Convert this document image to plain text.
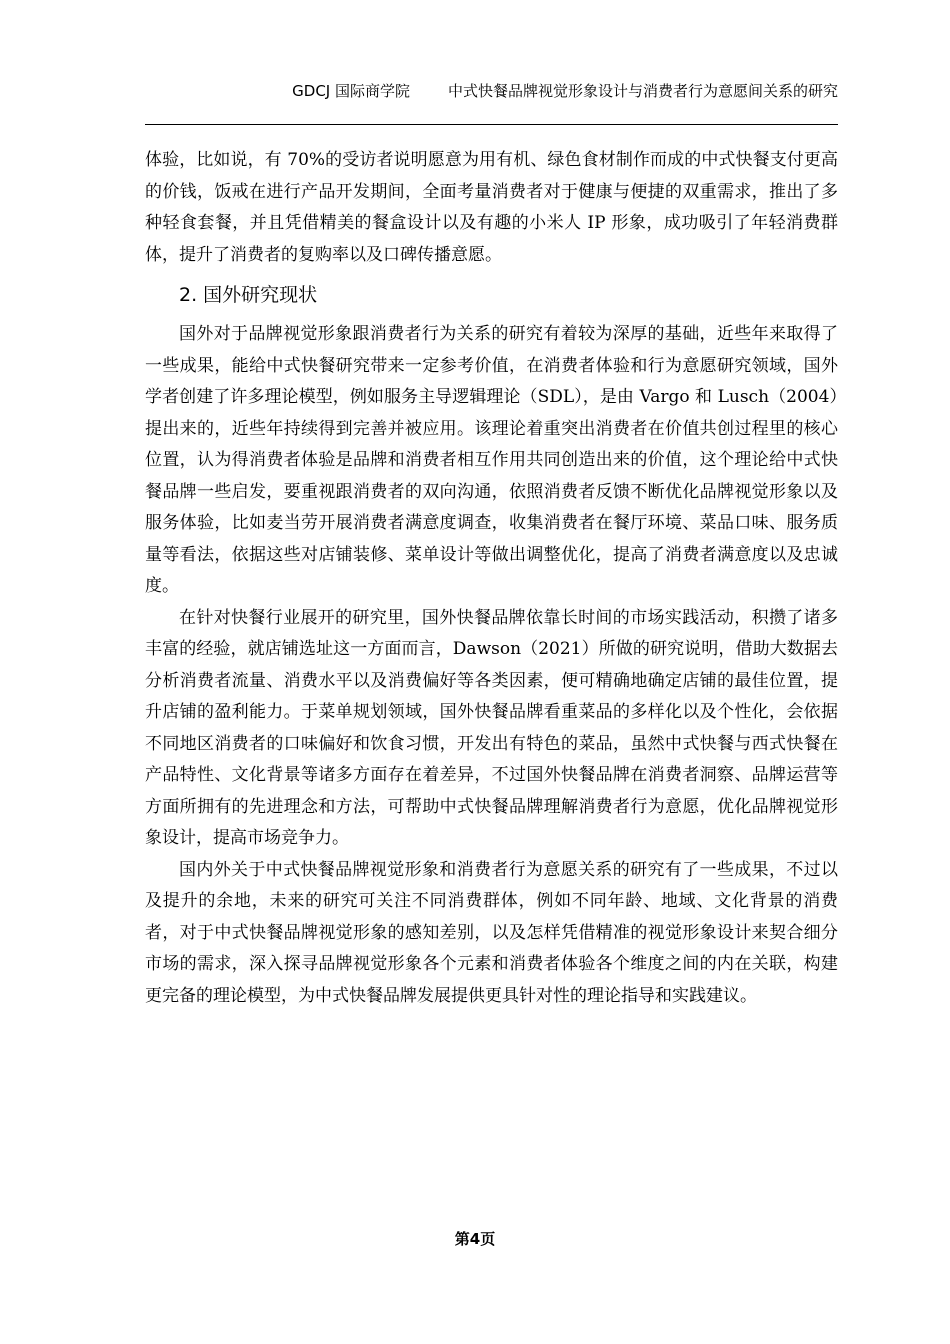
GDCJ 国际商学院	中式快餐品牌视觉形象设计与消费者行为意愿间关系的研究

体验，比如说，有 70%的受访者说明愿意为用有机、绿色食材制作而成的中式快餐支付更高的价钱，饭戒在进行产品开发期间，全面考量消费者对于健康与便捷的双重需求，推出了多种轻食套餐，并且凭借精美的餐盒设计以及有趣的小米人 IP 形象，成功吸引了年轻消费群体，提升了消费者的复购率以及口碑传播意愿。

2. 国外研究现状

国外对于品牌视觉形象跟消费者行为关系的研究有着较为深厚的基础，近些年来取得了一些成果，能给中式快餐研究带来一定参考价值，在消费者体验和行为意愿研究领域，国外学者创建了许多理论模型，例如服务主导逻辑理论（SDL），是由 Vargo 和 Lusch（2004）提出来的，近些年持续得到完善并被应用。该理论着重突出消费者在价值共创过程里的核心位置，认为得消费者体验是品牌和消费者相互作用共同创造出来的价值，这个理论给中式快餐品牌一些启发，要重视跟消费者的双向沟通，依照消费者反馈不断优化品牌视觉形象以及服务体验，比如麦当劳开展消费者满意度调查，收集消费者在餐厅环境、菜品口味、服务质量等看法，依据这些对店铺装修、菜单设计等做出调整优化，提高了消费者满意度以及忠诚度。

在针对快餐行业展开的研究里，国外快餐品牌依靠长时间的市场实践活动，积攒了诸多丰富的经验，就店铺选址这一方面而言，Dawson（2021）所做的研究说明，借助大数据去分析消费者流量、消费水平以及消费偏好等各类因素，便可精确地确定店铺的最佳位置，提升店铺的盈利能力。于菜单规划领域，国外快餐品牌看重菜品的多样化以及个性化，会依据不同地区消费者的口味偏好和饮食习惯，开发出有特色的菜品，虽然中式快餐与西式快餐在产品特性、文化背景等诸多方面存在着差异，不过国外快餐品牌在消费者洞察、品牌运营等方面所拥有的先进理念和方法，可帮助中式快餐品牌理解消费者行为意愿，优化品牌视觉形象设计，提高市场竞争力。

国内外关于中式快餐品牌视觉形象和消费者行为意愿关系的研究有了一些成果，不过以及提升的余地，未来的研究可关注不同消费群体，例如不同年龄、地域、文化背景的消费者，对于中式快餐品牌视觉形象的感知差别，以及怎样凭借精准的视觉形象设计来契合细分市场的需求，深入探寻品牌视觉形象各个元素和消费者体验各个维度之间的内在关联，构建更完备的理论模型，为中式快餐品牌发展提供更具针对性的理论指导和实践建议。

第4页
